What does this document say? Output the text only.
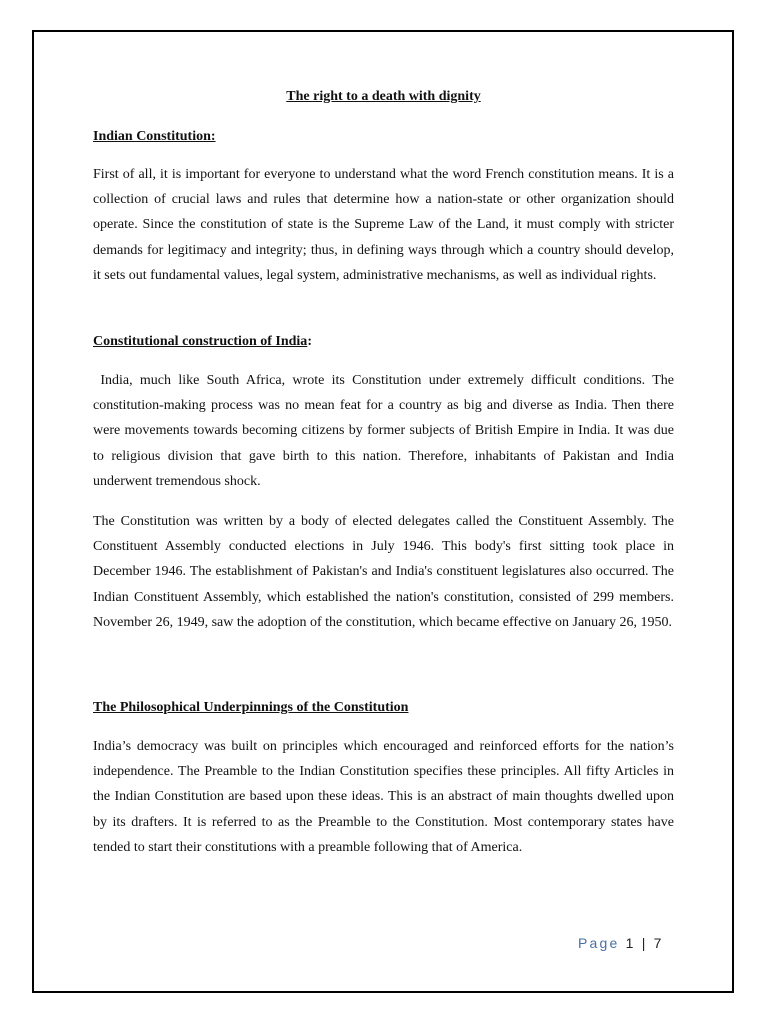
The right to a death with dignity
Indian Constitution:
First of all, it is important for everyone to understand what the word French constitution means. It is a collection of crucial laws and rules that determine how a nation-state or other organization should operate. Since the constitution of state is the Supreme Law of the Land, it must comply with stricter demands for legitimacy and integrity; thus, in defining ways through which a country should develop, it sets out fundamental values, legal system, administrative mechanisms, as well as individual rights.
Constitutional construction of India:
India, much like South Africa, wrote its Constitution under extremely difficult conditions. The constitution-making process was no mean feat for a country as big and diverse as India. Then there were movements towards becoming citizens by former subjects of British Empire in India. It was due to religious division that gave birth to this nation. Therefore, inhabitants of Pakistan and India underwent tremendous shock.
The Constitution was written by a body of elected delegates called the Constituent Assembly. The Constituent Assembly conducted elections in July 1946. This body's first sitting took place in December 1946. The establishment of Pakistan's and India's constituent legislatures also occurred. The Indian Constituent Assembly, which established the nation's constitution, consisted of 299 members. November 26, 1949, saw the adoption of the constitution, which became effective on January 26, 1950.
The Philosophical Underpinnings of the Constitution
India’s democracy was built on principles which encouraged and reinforced efforts for the nation’s independence. The Preamble to the Indian Constitution specifies these principles. All fifty Articles in the Indian Constitution are based upon these ideas. This is an abstract of main thoughts dwelled upon by its drafters. It is referred to as the Preamble to the Constitution. Most contemporary states have tended to start their constitutions with a preamble following that of America.
Page 1 | 7
